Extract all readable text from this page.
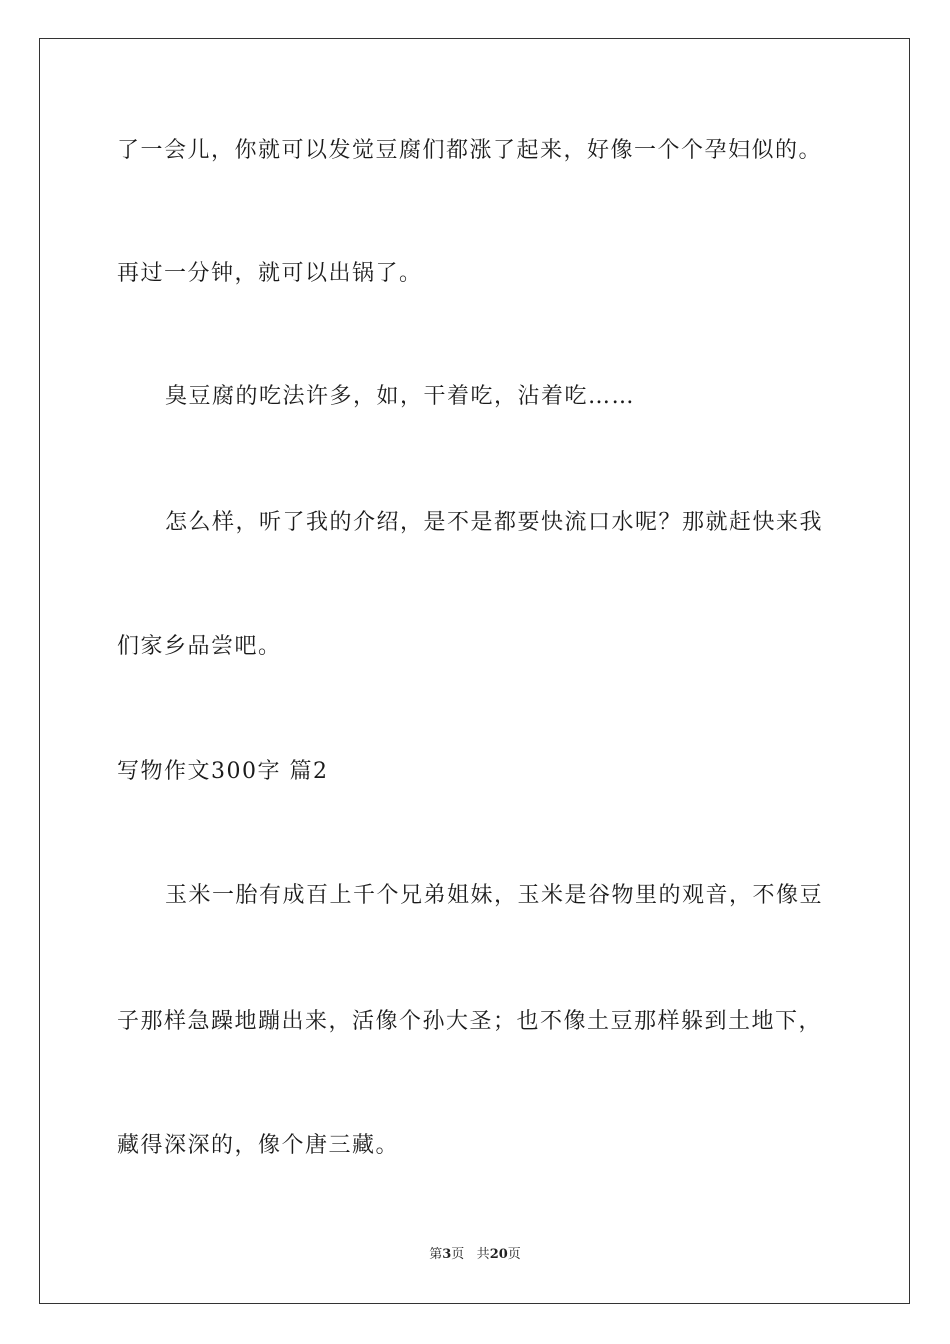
了一会儿，你就可以发觉豆腐们都涨了起来，好像一个个孕妇似的。
再过一分钟，就可以出锅了。
臭豆腐的吃法许多，如，干着吃，沾着吃……
怎么样，听了我的介绍，是不是都要快流口水呢？那就赶快来我
们家乡品尝吧。
写物作文300字 篇2
玉米一胎有成百上千个兄弟姐妹，玉米是谷物里的观音，不像豆
子那样急躁地蹦出来，活像个孙大圣；也不像土豆那样躲到土地下，
藏得深深的，像个唐三藏。
第3页 共20页
